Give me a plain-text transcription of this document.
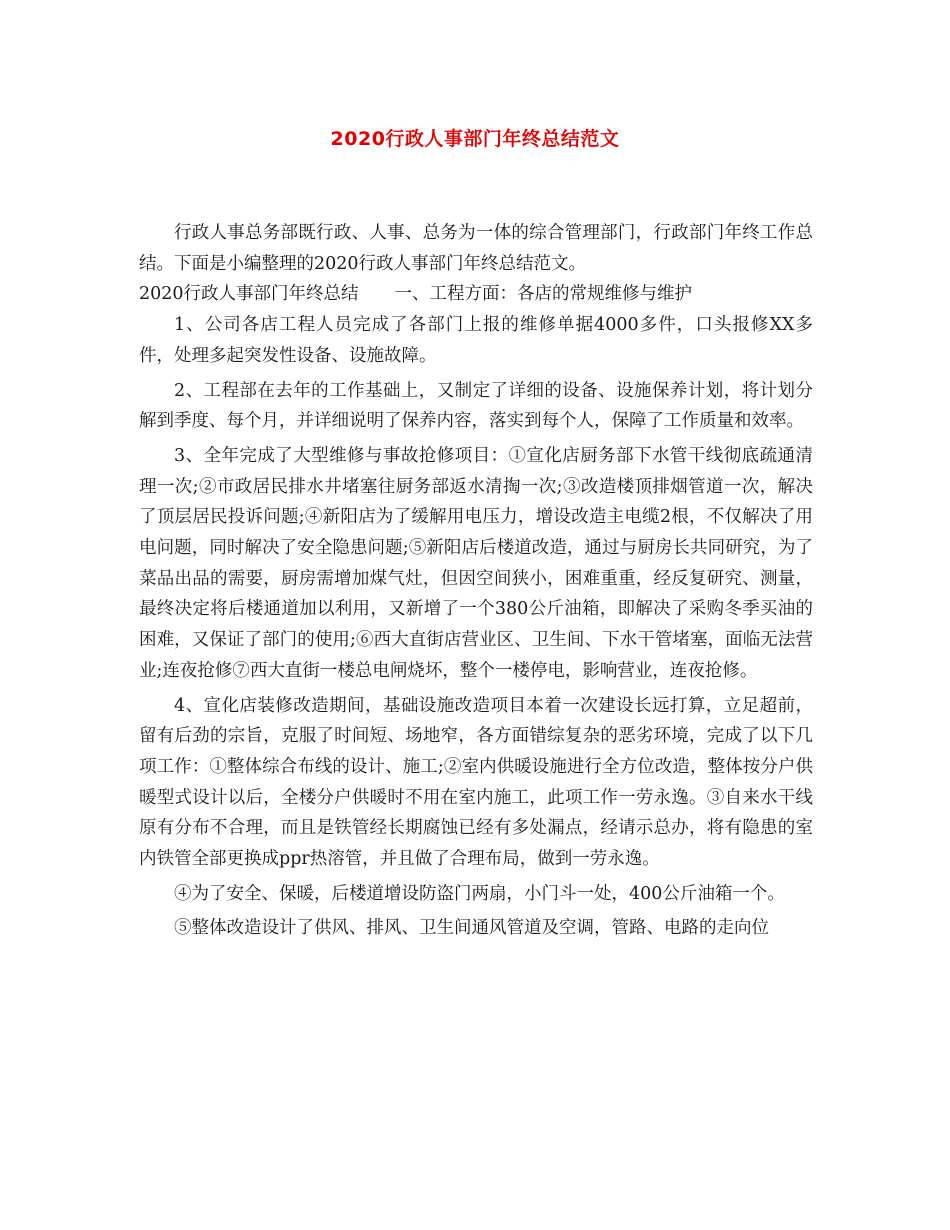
2020行政人事部门年终总结范文

行政人事总务部既行政、人事、总务为一体的综合管理部门，行政部门年终工作总结。下面是小编整理的2020行政人事部门年终总结范文。

2020行政人事部门年终总结 一、工程方面：各店的常规维修与维护

1、公司各店工程人员完成了各部门上报的维修单据4000多件，口头报修XX多件，处理多起突发性设备、设施故障。

2、工程部在去年的工作基础上，又制定了详细的设备、设施保养计划，将计划分解到季度、每个月，并详细说明了保养内容，落实到每个人，保障了工作质量和效率。

3、全年完成了大型维修与事故抢修项目：①宣化店厨务部下水管干线彻底疏通清理一次;②市政居民排水井堵塞往厨务部返水清掏一次;③改造楼顶排烟管道一次，解决了顶层居民投诉问题;④新阳店为了缓解用电压力，增设改造主电缆2根，不仅解决了用电问题，同时解决了安全隐患问题;⑤新阳店后楼道改造，通过与厨房长共同研究，为了菜品出品的需要，厨房需增加煤气灶，但因空间狭小，困难重重，经反复研究、测量，最终决定将后楼通道加以利用，又新增了一个380公斤油箱，即解决了采购冬季买油的困难，又保证了部门的使用;⑥西大直街店营业区、卫生间、下水干管堵塞，面临无法营业;连夜抢修⑦西大直街一楼总电闸烧坏，整个一楼停电，影响营业，连夜抢修。

4、宣化店装修改造期间，基础设施改造项目本着一次建设长远打算，立足超前，留有后劲的宗旨，克服了时间短、场地窄，各方面错综复杂的恶劣环境，完成了以下几项工作：①整体综合布线的设计、施工;②室内供暖设施进行全方位改造，整体按分户供暖型式设计以后，全楼分户供暖时不用在室内施工，此项工作一劳永逸。③自来水干线原有分布不合理，而且是铁管经长期腐蚀已经有多处漏点，经请示总办，将有隐患的室内铁管全部更换成ppr热溶管，并且做了合理布局，做到一劳永逸。

④为了安全、保暖，后楼道增设防盗门两扇，小门斗一处，400公斤油箱一个。

⑤整体改造设计了供风、排风、卫生间通风管道及空调，管路、电路的走向位
